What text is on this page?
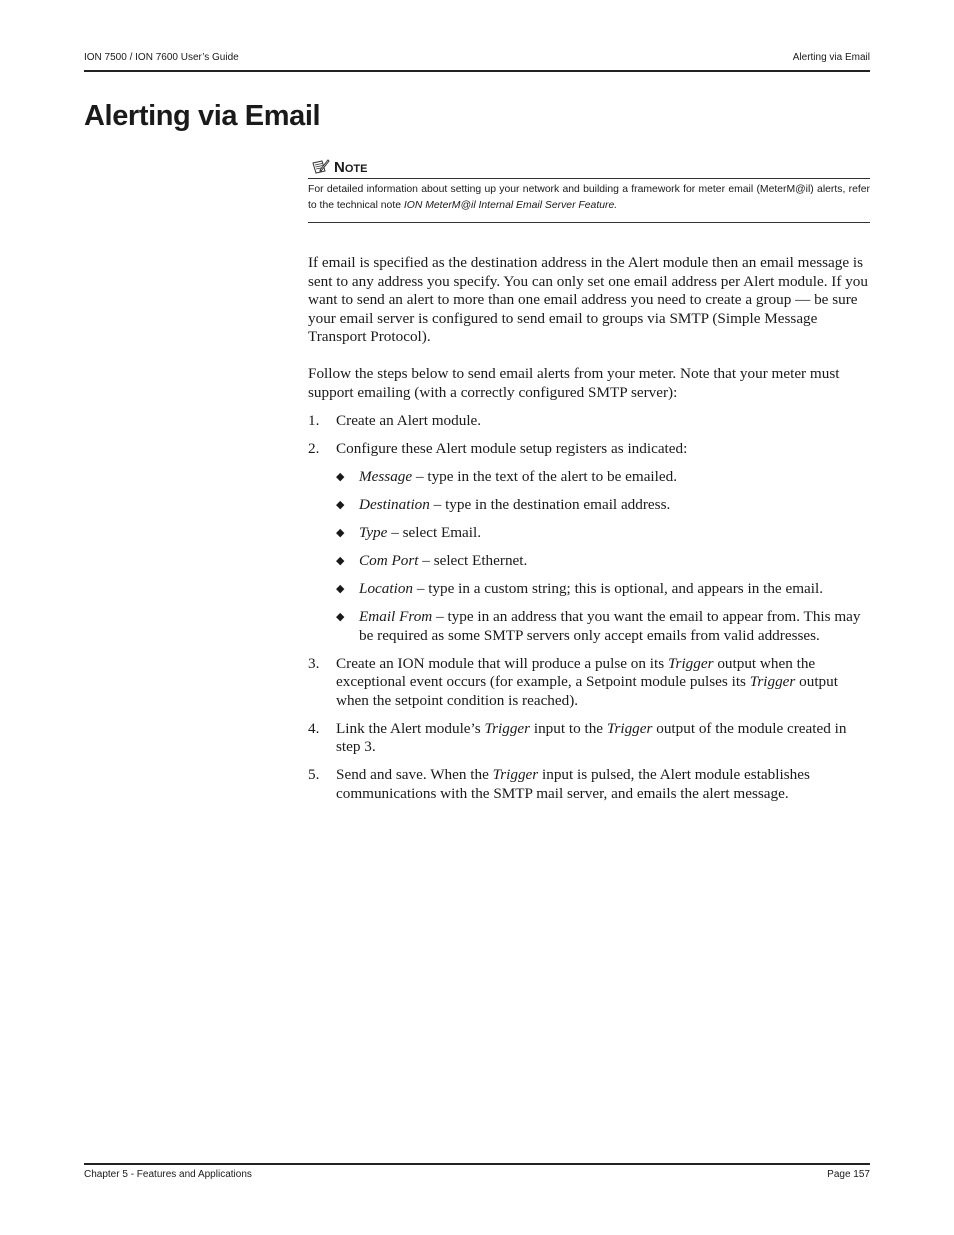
ION 7500 / ION 7600 User’s Guide	Alerting via Email
Alerting via Email
NOTE
For detailed information about setting up your network and building a framework for meter email (MeterM@il) alerts, refer to the technical note ION MeterM@il Internal Email Server Feature.

If email is specified as the destination address in the Alert module then an email message is sent to any address you specify. You can only set one email address per Alert module. If you want to send an alert to more than one email address you need to create a group — be sure your email server is configured to send email to groups via SMTP (Simple Message Transport Protocol).

Follow the steps below to send email alerts from your meter. Note that your meter must support emailing (with a correctly configured SMTP server):

1. Create an Alert module.
2. Configure these Alert module setup registers as indicated:
◆ Message – type in the text of the alert to be emailed.
◆ Destination – type in the destination email address.
◆ Type – select Email.
◆ Com Port – select Ethernet.
◆ Location – type in a custom string; this is optional, and appears in the email.
◆ Email From – type in an address that you want the email to appear from. This may be required as some SMTP servers only accept emails from valid addresses.
3. Create an ION module that will produce a pulse on its Trigger output when the exceptional event occurs (for example, a Setpoint module pulses its Trigger output when the setpoint condition is reached).
4. Link the Alert module’s Trigger input to the Trigger output of the module created in step 3.
5. Send and save. When the Trigger input is pulsed, the Alert module establishes communications with the SMTP mail server, and emails the alert message.
Chapter 5 - Features and Applications	Page 157
